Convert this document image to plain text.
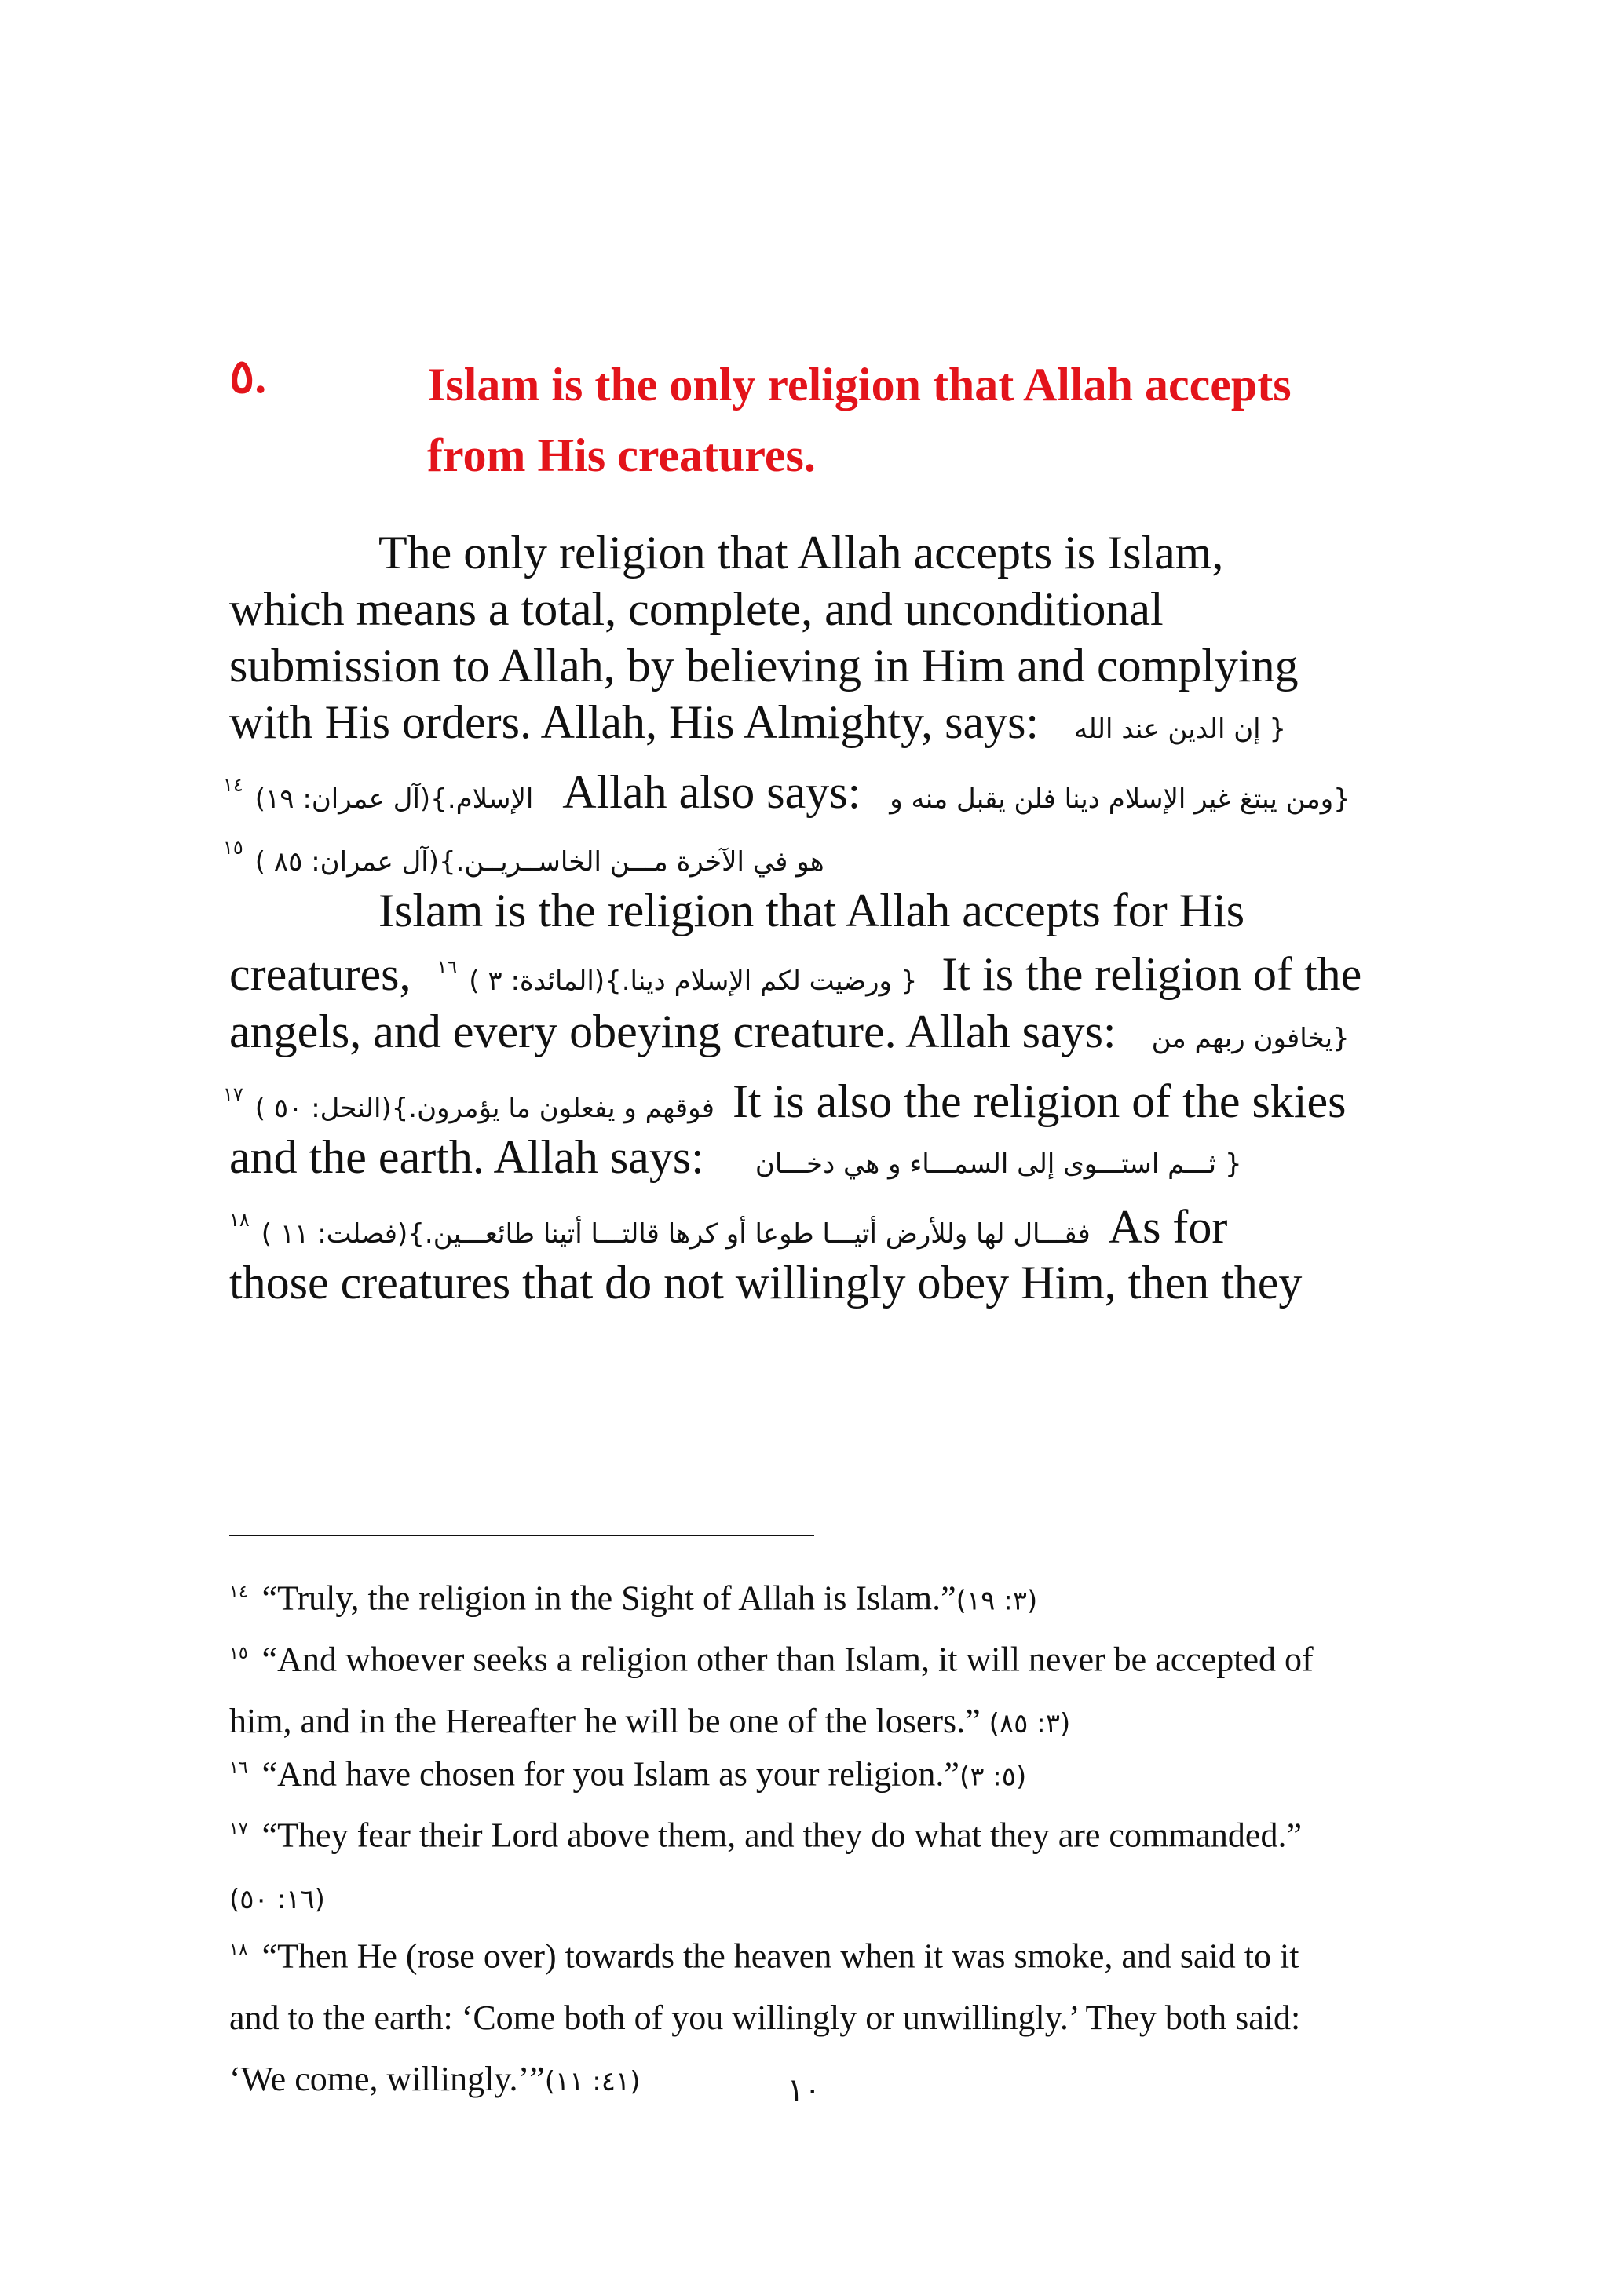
٥.	Islam is the only religion that Allah accepts
from His creatures.
The only religion that Allah accepts is Islam,
which means a total, complete, and unconditional
submission to Allah, by believing in Him and complying
with His orders. Allah, His Almighty, says: { إن الدين عند الله
$^{١٤}$ الإسلام.}(آل عمران: ١٩) Allah also says: {ومن يبتغ غير الإسلام دينا فلن يقبل منه و
$^{١٥}$ هو في الآخرة مـــن الخاســريــن.}(آل عمران: ٨٥ )
Islam is the religion that Allah accepts for His
creatures, $^{١٦}$ { ورضيت لكم الإسلام دينا.}(المائدة: ٣ ) It is the religion of the
angels, and every obeying creature. Allah says: {يخافون ربهم من
$^{١٧}$ فوقهم و يفعلون ما يؤمرون.}(النحل: ٥٠ ) It is also the religion of the skies
and the earth. Allah says: { ثـــم استـــوى إلى السمـــاء و هي دخـــان
$^{١٨}$ فقـــال لها وللأرض أتيـــا طوعا أو كرها قالتـــا أتينا طائعـــين.}(فصلت: ١١ ) As for
those creatures that do not willingly obey Him, then they
$^{١٤}$ “Truly, the religion in the Sight of Allah is Islam.”(٣: ١٩)
$^{١٥}$ “And whoever seeks a religion other than Islam, it will never be accepted of
him, and in the Hereafter he will be one of the losers.” (٣: ٨٥)
$^{١٦}$ “And have chosen for you Islam as your religion.”(٥: ٣)
$^{١٧}$ “They fear their Lord above them, and they do what they are commanded.”
(١٦: ٥٠)
$^{١٨}$ “Then He (rose over) towards the heaven when it was smoke, and said to it
and to the earth: ‘Come both of you willingly or unwillingly.’ They both said:
‘We come, willingly.’”(٤١: ١١)	١٠
